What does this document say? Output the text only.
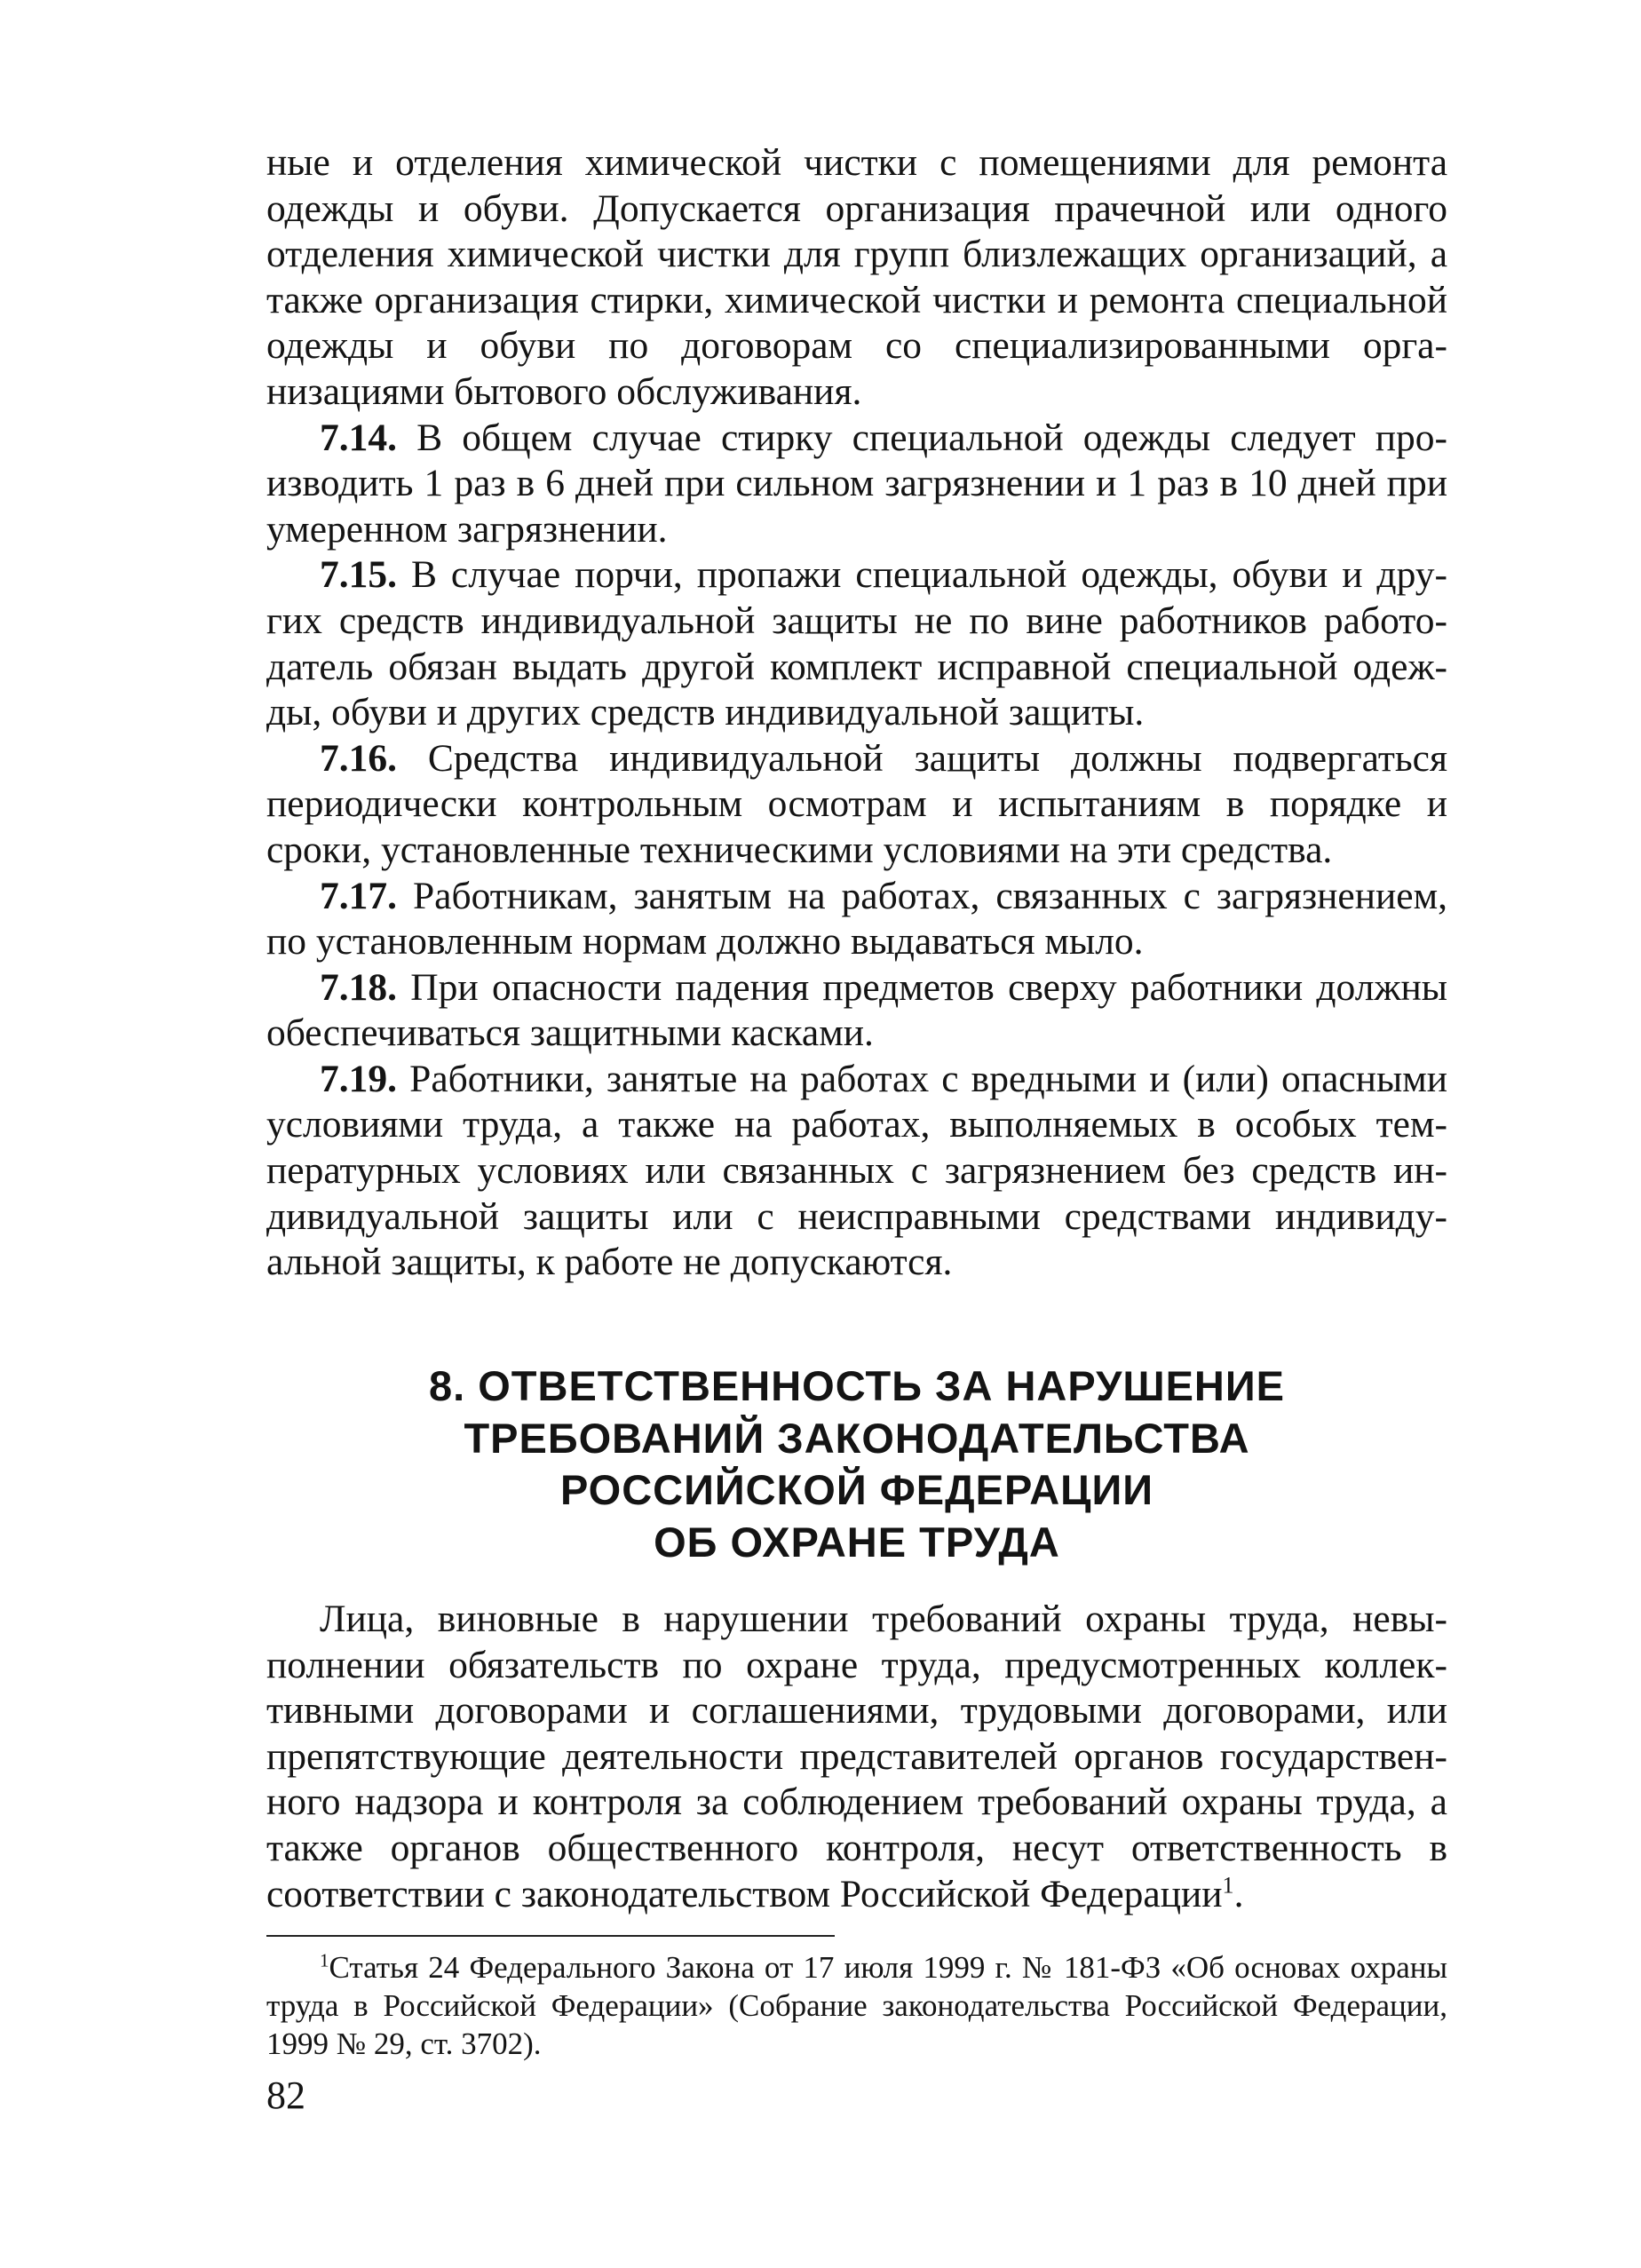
ные и отделения химической чистки с помещениями для ремонта одежды и обуви. Допускается организация прачечной или одного отделения химической чистки для групп близлежащих организаций, а также организация стирки, химической чистки и ремонта специальной одежды и обуви по договорам со специализированными организациями бытового обслуживания.

7.14. В общем случае стирку специальной одежды следует производить 1 раз в 6 дней при сильном загрязнении и 1 раз в 10 дней при умеренном загрязнении.

7.15. В случае порчи, пропажи специальной одежды, обуви и других средств индивидуальной защиты не по вине работников работодатель обязан выдать другой комплект исправной специальной одежды, обуви и других средств индивидуальной защиты.

7.16. Средства индивидуальной защиты должны подвергаться периодически контрольным осмотрам и испытаниям в порядке и сроки, установленные техническими условиями на эти средства.

7.17. Работникам, занятым на работах, связанных с загрязнением, по установленным нормам должно выдаваться мыло.

7.18. При опасности падения предметов сверху работники должны обеспечиваться защитными касками.

7.19. Работники, занятые на работах с вредными и (или) опасными условиями труда, а также на работах, выполняемых в особых температурных условиях или связанных с загрязнением без средств индивидуальной защиты или с неисправными средствами индивидуальной защиты, к работе не допускаются.

8. ОТВЕТСТВЕННОСТЬ ЗА НАРУШЕНИЕ
ТРЕБОВАНИЙ ЗАКОНОДАТЕЛЬСТВА
РОССИЙСКОЙ ФЕДЕРАЦИИ
ОБ ОХРАНЕ ТРУДА

Лица, виновные в нарушении требований охраны труда, невыполнении обязательств по охране труда, предусмотренных коллективными договорами и соглашениями, трудовыми договорами, или препятствующие деятельности представителей органов государственного надзора и контроля за соблюдением требований охраны труда, а также органов общественного контроля, несут ответственность в соответствии с законодательством Российской Федерации$^1$.

$^1$Статья 24 Федерального Закона от 17 июля 1999 г. № 181-ФЗ «Об основах охраны труда в Российской Федерации» (Собрание законодательства Российской Федерации, 1999 № 29, ст. 3702).

82
